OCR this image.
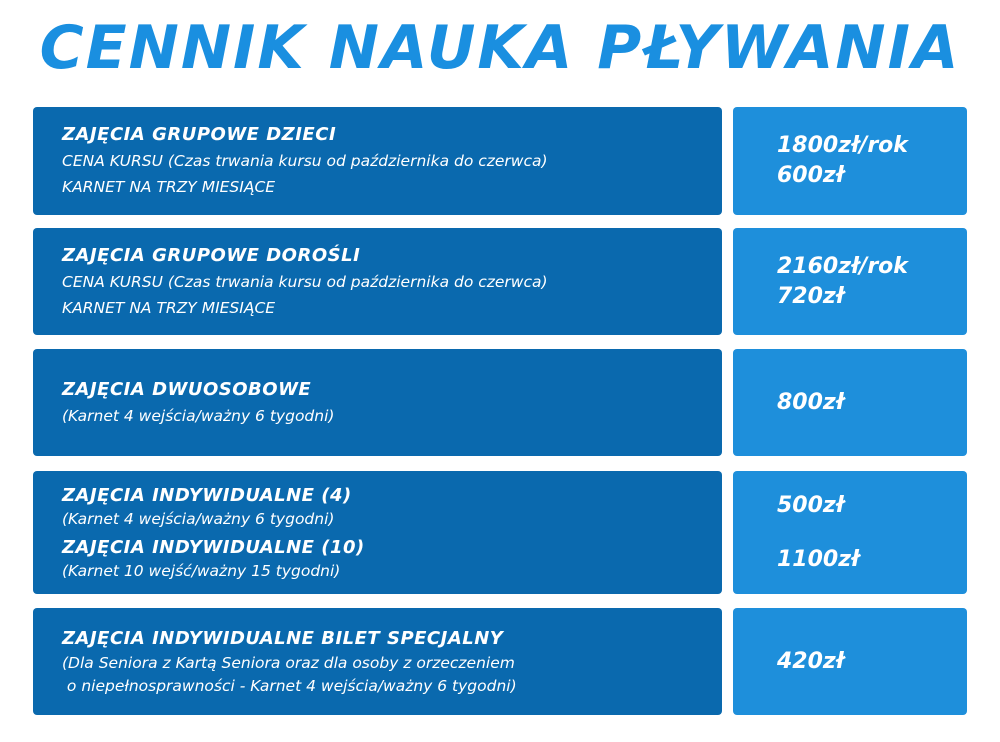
CENNIK NAUKA PŁYWANIA
ZAJĘCIA GRUPOWE DZIECI
CENA KURSU (Czas trwania kursu od października do czerwca)
KARNET NA TRZY MIESIĄCE
1800zł/rok
600zł
ZAJĘCIA GRUPOWE DOROŚLI
CENA KURSU (Czas trwania kursu od października do czerwca)
KARNET NA TRZY MIESIĄCE
2160zł/rok
720zł
ZAJĘCIA DWUOSOBOWE
(Karnet 4 wejścia/ważny 6 tygodni)
800zł
ZAJĘCIA INDYWIDUALNE (4)
(Karnet 4 wejścia/ważny 6 tygodni)
ZAJĘCIA INDYWIDUALNE (10)
(Karnet 10 wejść/ważny 15 tygodni)
500zł
1100zł
ZAJĘCIA INDYWIDUALNE BILET SPECJALNY
(Dla Seniora z Kartą Seniora oraz dla osoby z orzeczeniem
o niepełnosprawności - Karnet 4 wejścia/ważny 6 tygodni)
420zł
